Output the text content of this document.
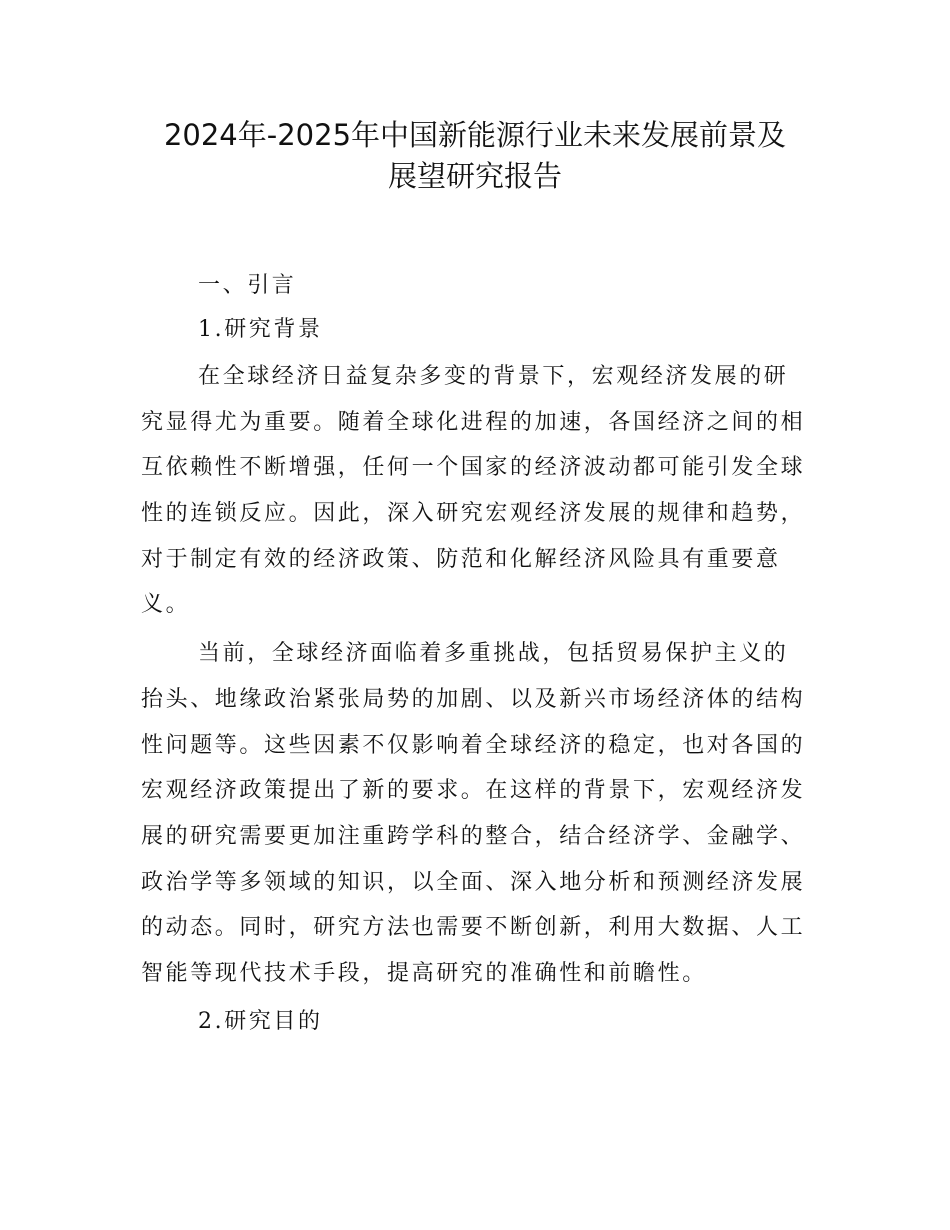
2024年-2025年中国新能源行业未来发展前景及
展望研究报告

一、引言

1.研究背景

在全球经济日益复杂多变的背景下，宏观经济发展的研

究显得尤为重要。随着全球化进程的加速，各国经济之间的相

互依赖性不断增强，任何一个国家的经济波动都可能引发全球

性的连锁反应。因此，深入研究宏观经济发展的规律和趋势，

对于制定有效的经济政策、防范和化解经济风险具有重要意

义。

当前，全球经济面临着多重挑战，包括贸易保护主义的

抬头、地缘政治紧张局势的加剧、以及新兴市场经济体的结构

性问题等。这些因素不仅影响着全球经济的稳定，也对各国的

宏观经济政策提出了新的要求。在这样的背景下，宏观经济发

展的研究需要更加注重跨学科的整合，结合经济学、金融学、

政治学等多领域的知识，以全面、深入地分析和预测经济发展

的动态。同时，研究方法也需要不断创新，利用大数据、人工

智能等现代技术手段，提高研究的准确性和前瞻性。

2.研究目的
